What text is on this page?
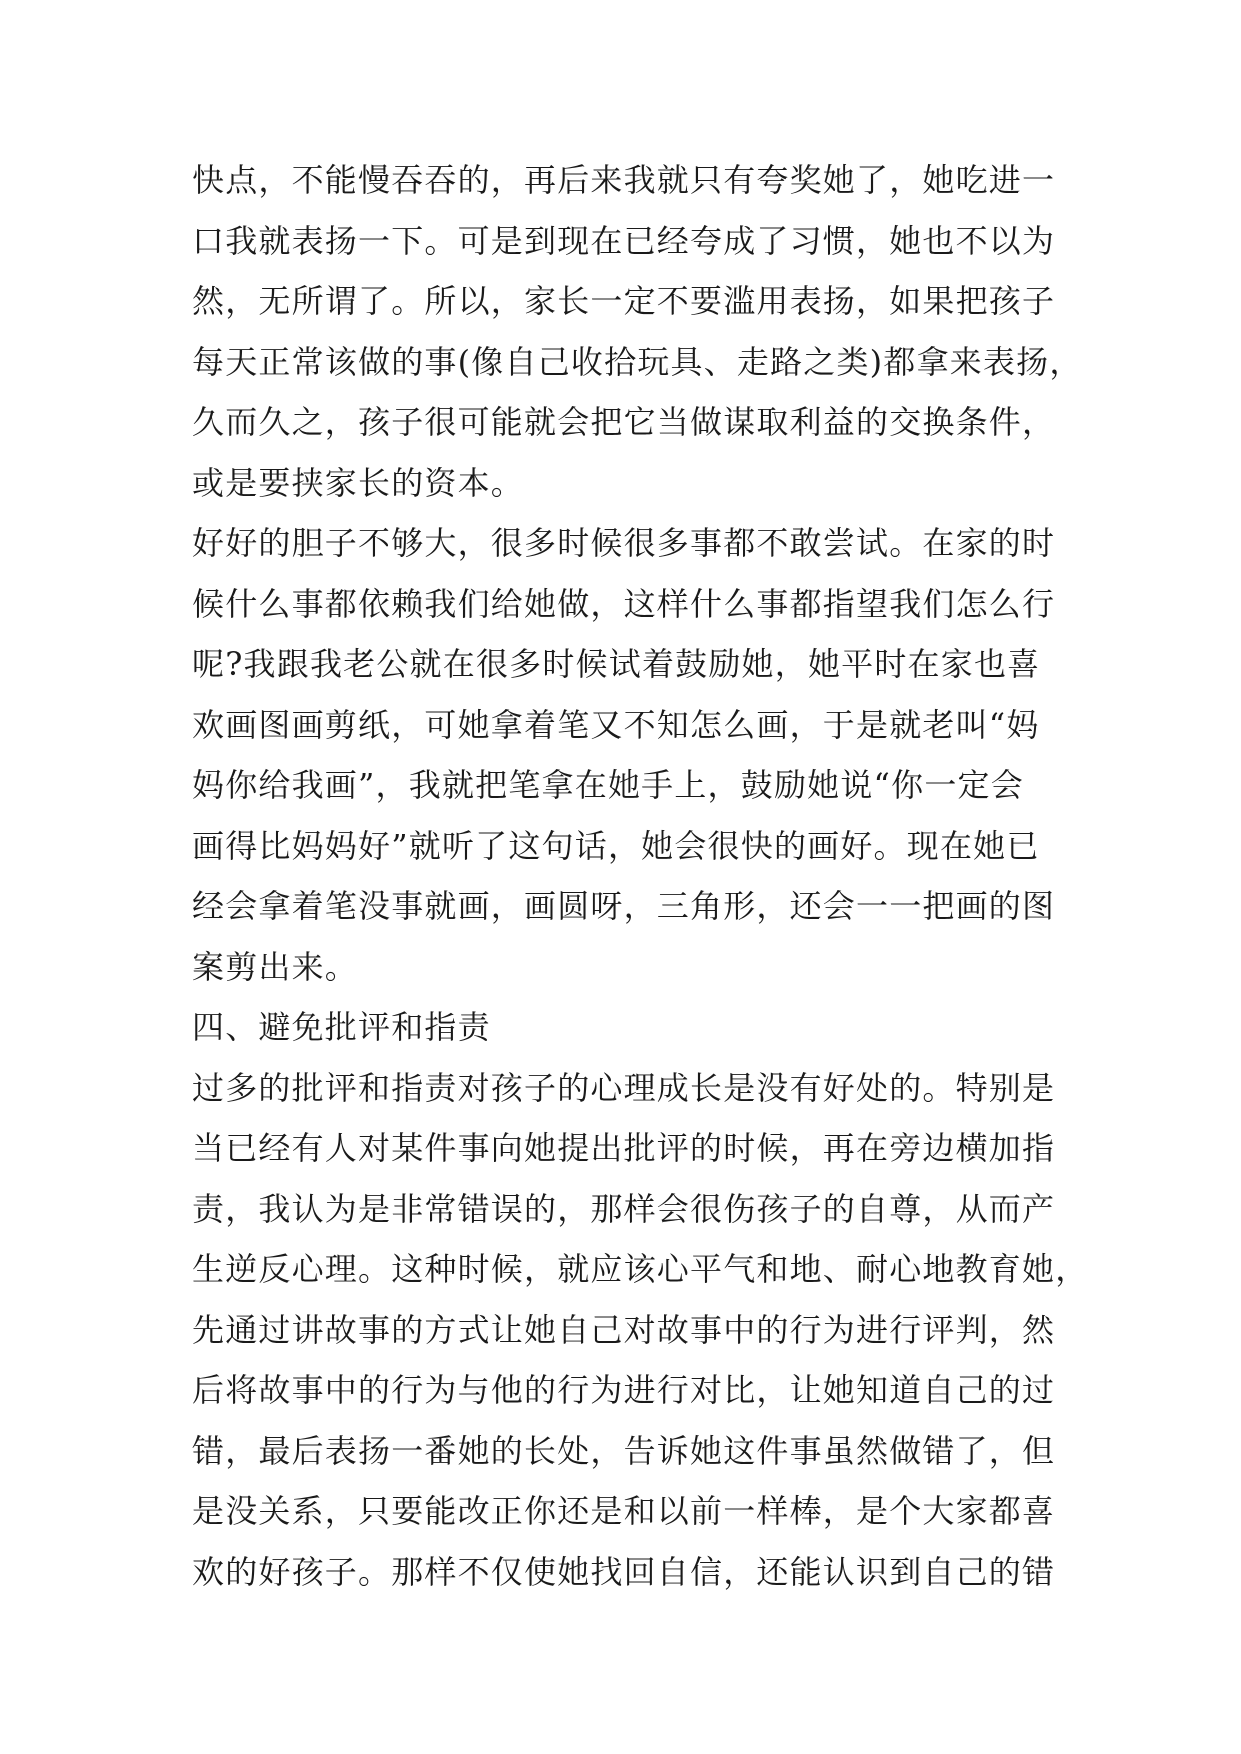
快点，不能慢吞吞的，再后来我就只有夸奖她了，她吃进一
口我就表扬一下。可是到现在已经夸成了习惯，她也不以为
然，无所谓了。所以，家长一定不要滥用表扬，如果把孩子
每天正常该做的事(像自己收拾玩具、走路之类)都拿来表扬，
久而久之，孩子很可能就会把它当做谋取利益的交换条件，
或是要挟家长的资本。
好好的胆子不够大，很多时候很多事都不敢尝试。在家的时
候什么事都依赖我们给她做，这样什么事都指望我们怎么行
呢?我跟我老公就在很多时候试着鼓励她，她平时在家也喜
欢画图画剪纸，可她拿着笔又不知怎么画，于是就老叫“妈
妈你给我画”，我就把笔拿在她手上，鼓励她说“你一定会
画得比妈妈好”就听了这句话，她会很快的画好。现在她已
经会拿着笔没事就画，画圆呀，三角形，还会一一把画的图
案剪出来。
四、避免批评和指责
过多的批评和指责对孩子的心理成长是没有好处的。特别是
当已经有人对某件事向她提出批评的时候，再在旁边横加指
责，我认为是非常错误的，那样会很伤孩子的自尊，从而产
生逆反心理。这种时候，就应该心平气和地、耐心地教育她，
先通过讲故事的方式让她自己对故事中的行为进行评判，然
后将故事中的行为与他的行为进行对比，让她知道自己的过
错，最后表扬一番她的长处，告诉她这件事虽然做错了，但
是没关系，只要能改正你还是和以前一样棒，是个大家都喜
欢的好孩子。那样不仅使她找回自信，还能认识到自己的错
